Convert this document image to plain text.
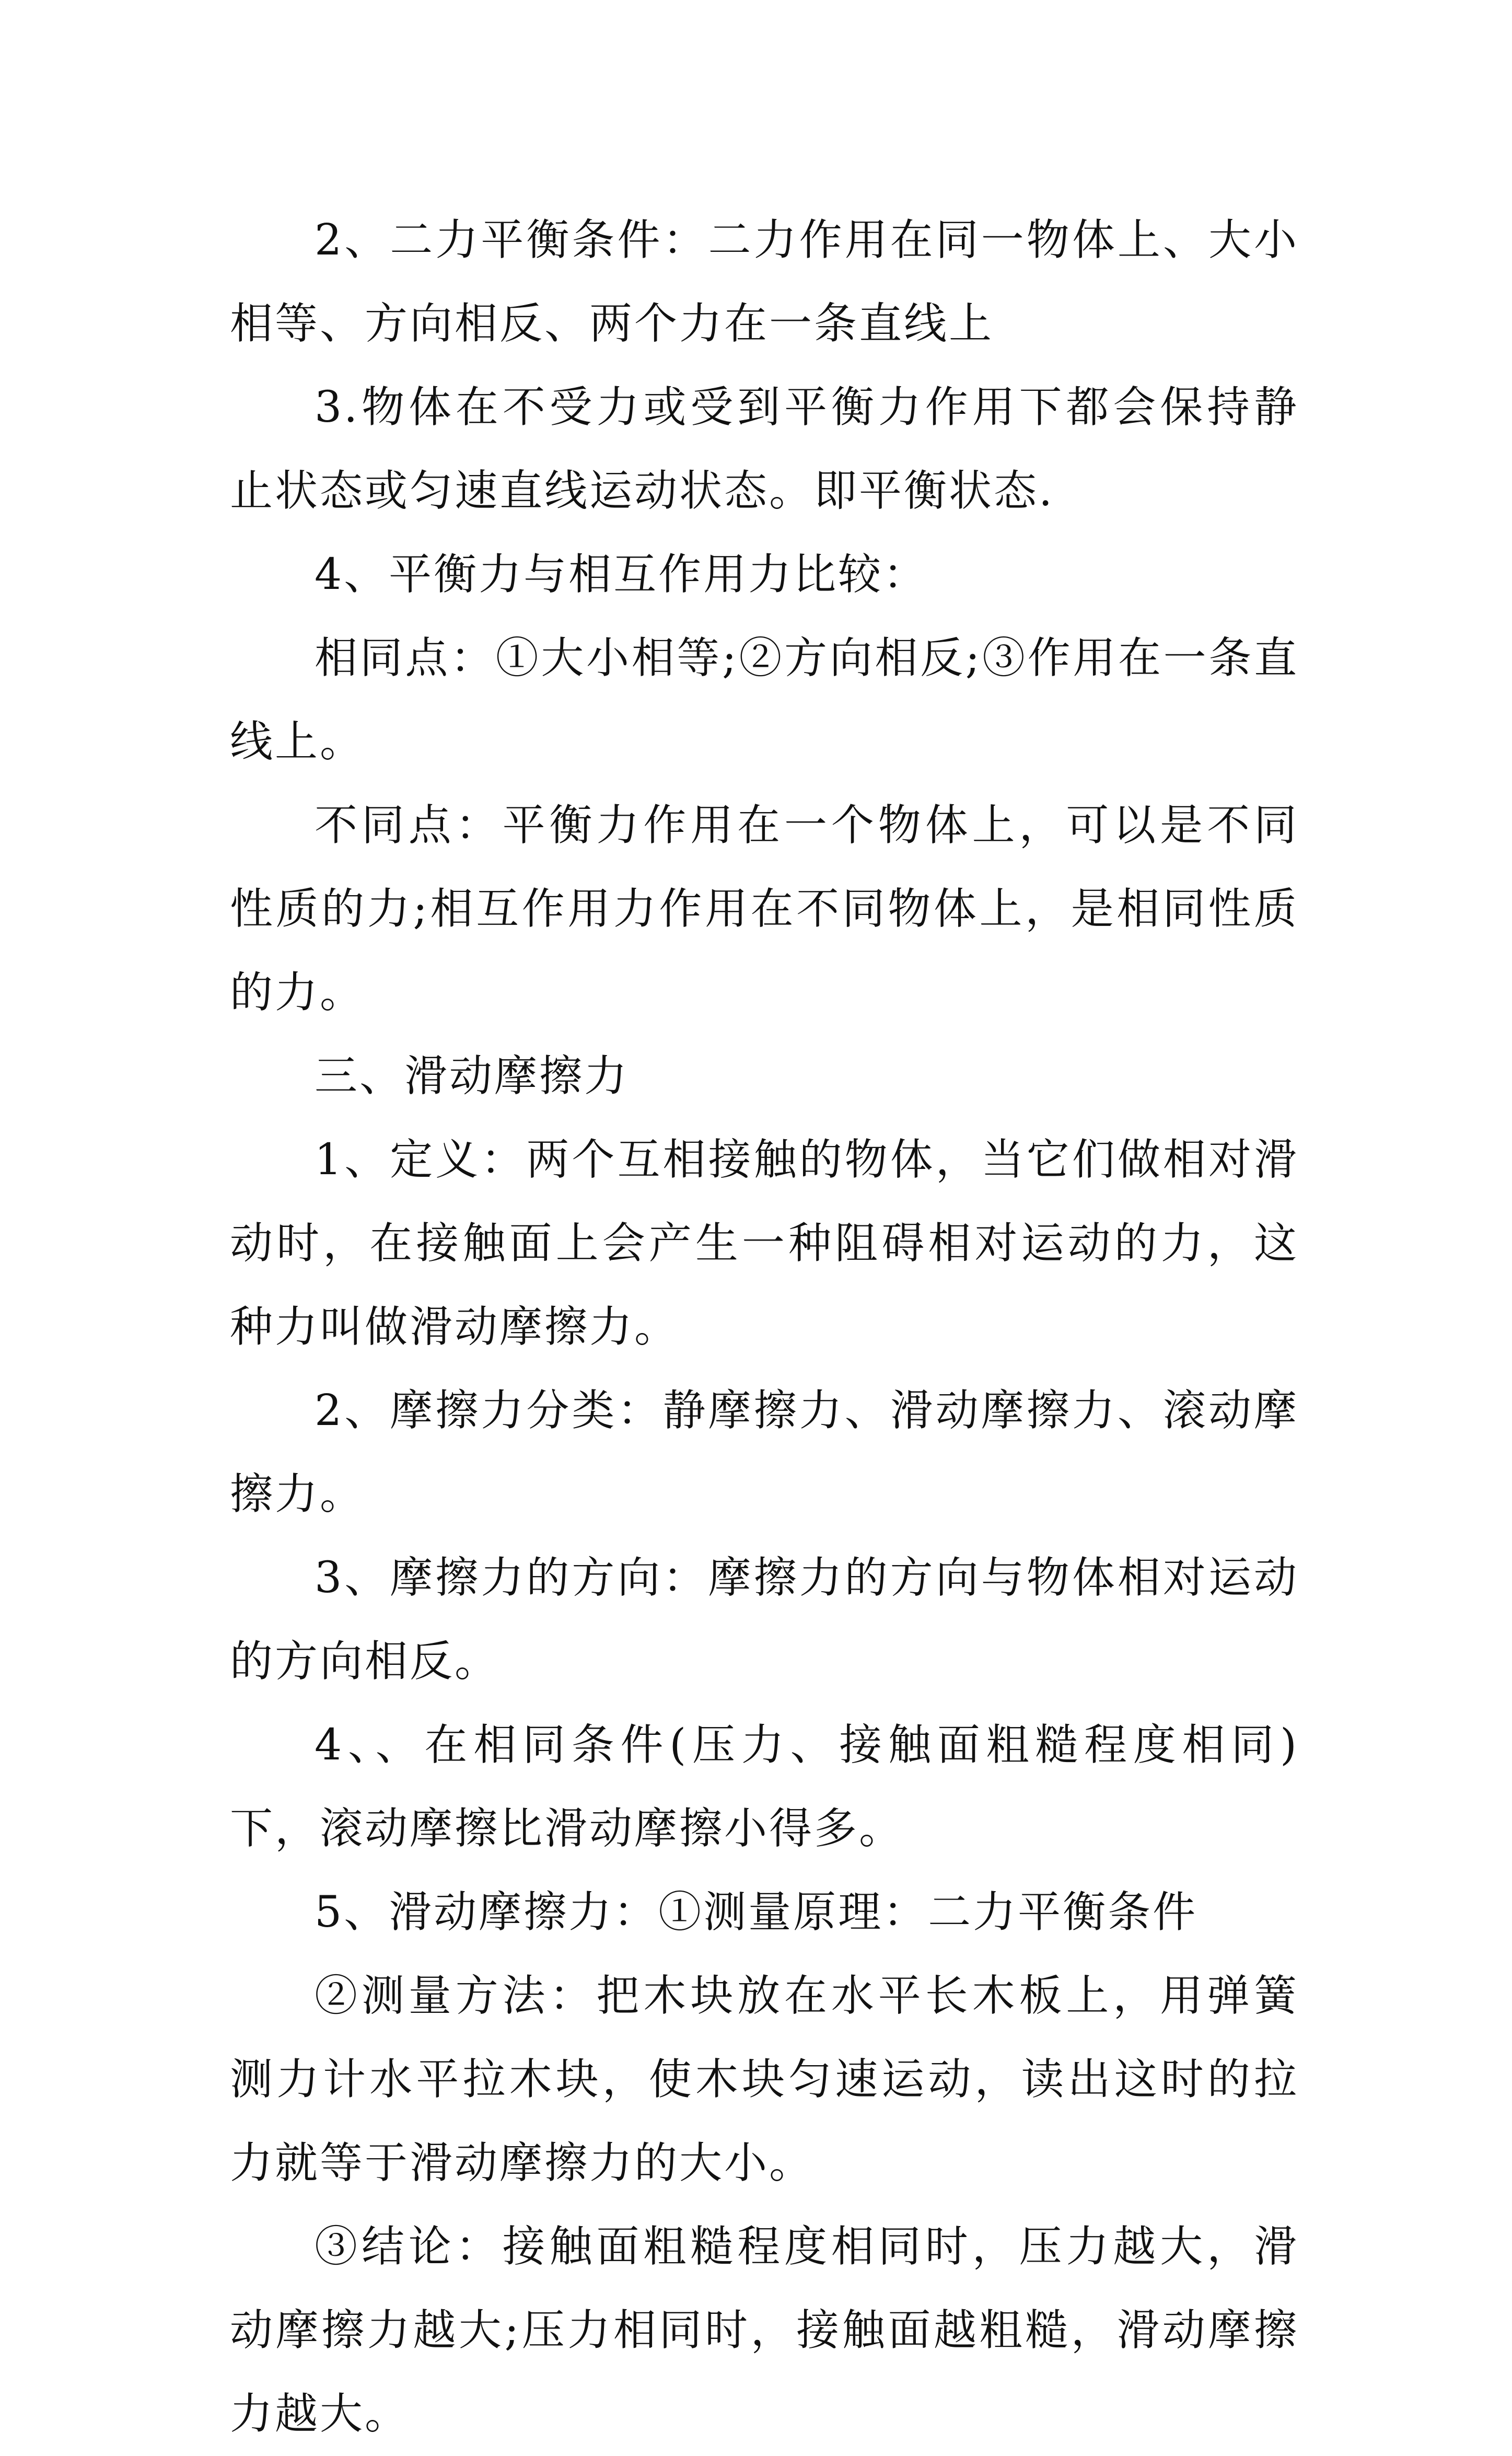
2、二力平衡条件：二力作用在同一物体上、大小相等、方向相反、两个力在一条直线上

3.物体在不受力或受到平衡力作用下都会保持静止状态或匀速直线运动状态。即平衡状态.

4、平衡力与相互作用力比较：

相同点：①大小相等;②方向相反;③作用在一条直线上。

不同点：平衡力作用在一个物体上，可以是不同性质的力;相互作用力作用在不同物体上，是相同性质的力。

三、滑动摩擦力

1、定义：两个互相接触的物体，当它们做相对滑动时，在接触面上会产生一种阻碍相对运动的力，这种力叫做滑动摩擦力。

2、摩擦力分类：静摩擦力、滑动摩擦力、滚动摩擦力。

3、摩擦力的方向：摩擦力的方向与物体相对运动的方向相反。

4、、在相同条件(压力、接触面粗糙程度相同)下，滚动摩擦比滑动摩擦小得多。

5、滑动摩擦力：①测量原理：二力平衡条件

②测量方法：把木块放在水平长木板上，用弹簧测力计水平拉木块，使木块匀速运动，读出这时的拉力就等于滑动摩擦力的大小。

③结论：接触面粗糙程度相同时，压力越大，滑动摩擦力越大;压力相同时，接触面越粗糙，滑动摩擦力越大。
